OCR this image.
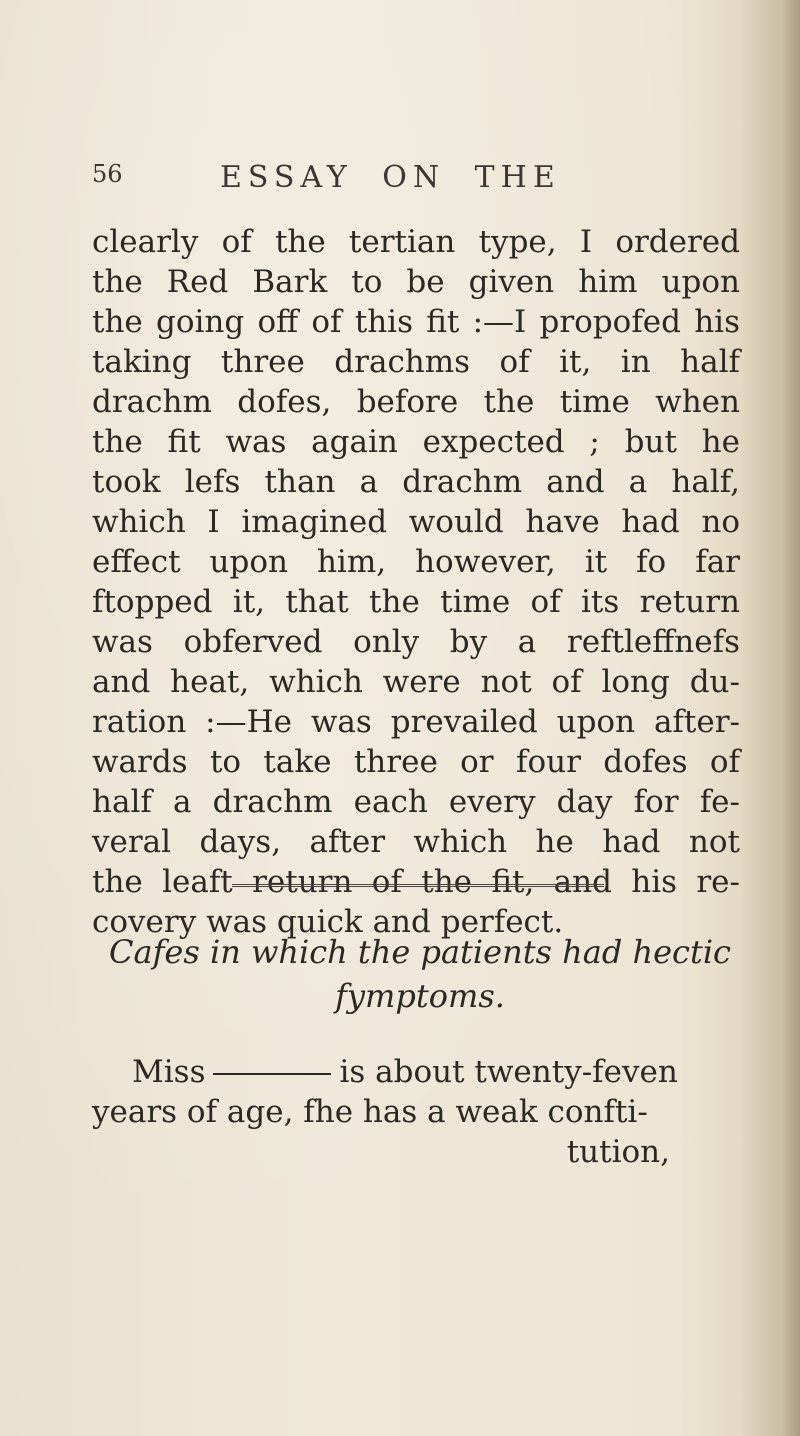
56	ESSAY ON THE
clearly of the tertian type, I ordered
the Red Bark to be given him upon
the going off of this fit :—I propofed his
taking three drachms of it, in half
drachm dofes, before the time when
the fit was again expected ; but he
took lefs than a drachm and a half,
which I imagined would have had no
effect upon him, however, it fo far
ftopped it, that the time of its return
was obferved only by a reftleffnefs
and heat, which were not of long du-
ration :—He was prevailed upon after-
wards to take three or four dofes of
half a drachm each every day for fe-
veral days, after which he had not
the leaft return of the fit, and his re-
covery was quick and perfect.
Cafes in which the patients had hectic
fymptoms.
Miss	is about twenty-feven
years of age, fhe has a weak confti-
tution,
